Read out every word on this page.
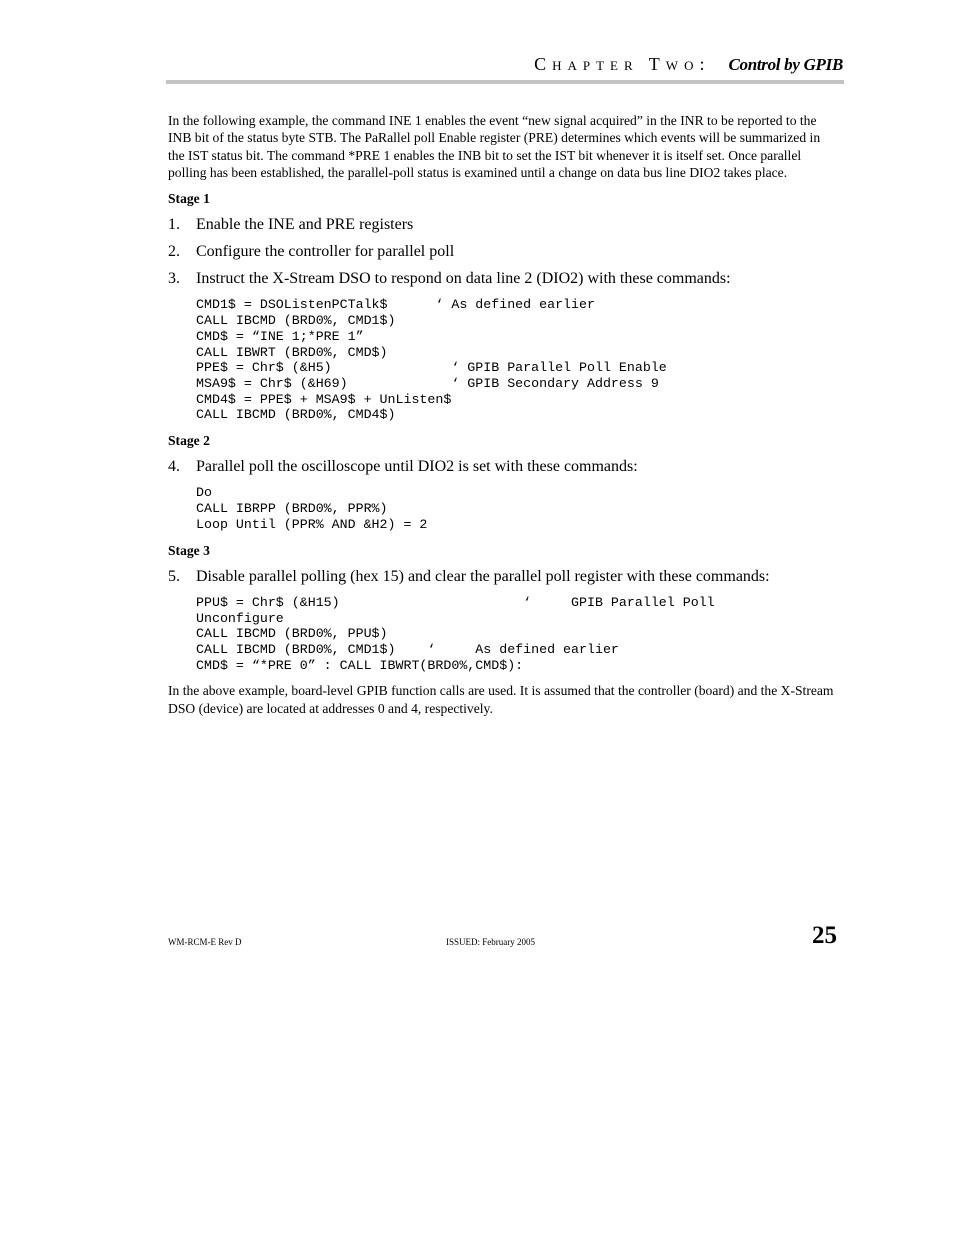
Chapter Two: Control by GPIB

In the following example, the command INE 1 enables the event “new signal acquired” in the INR to be reported to the INB bit of the status byte STB. The PaRallel poll Enable register (PRE) determines which events will be summarized in the IST status bit. The command *PRE 1 enables the INB bit to set the IST bit whenever it is itself set. Once parallel polling has been established, the parallel-poll status is examined until a change on data bus line DIO2 takes place.

Stage 1

1.	Enable the INE and PRE registers
2.	Configure the controller for parallel poll
3.	Instruct the X-Stream DSO to respond on data line 2 (DIO2) with these commands:
CMD1$ = DSOListenPCTalk$      ‘ As defined earlier
CALL IBCMD (BRD0%, CMD1$)
CMD$ = “INE 1;*PRE 1”
CALL IBWRT (BRD0%, CMD$)
PPE$ = Chr$ (&H5)               ‘ GPIB Parallel Poll Enable
MSA9$ = Chr$ (&H69)             ‘ GPIB Secondary Address 9
CMD4$ = PPE$ + MSA9$ + UnListen$
CALL IBCMD (BRD0%, CMD4$)

Stage 2

4.	Parallel poll the oscilloscope until DIO2 is set with these commands:
Do
CALL IBRPP (BRD0%, PPR%)
Loop Until (PPR% AND &H2) = 2

Stage 3

5.	Disable parallel polling (hex 15) and clear the parallel poll register with these commands:
PPU$ = Chr$ (&H15)                       ‘     GPIB Parallel Poll
Unconfigure
CALL IBCMD (BRD0%, PPU$)
CALL IBCMD (BRD0%, CMD1$)    ‘     As defined earlier
CMD$ = “*PRE 0” : CALL IBWRT(BRD0%,CMD$):

In the above example, board-level GPIB function calls are used. It is assumed that the controller (board) and the X-Stream DSO (device) are located at addresses 0 and 4, respectively.

WM-RCM-E Rev D	ISSUED: February 2005	25
